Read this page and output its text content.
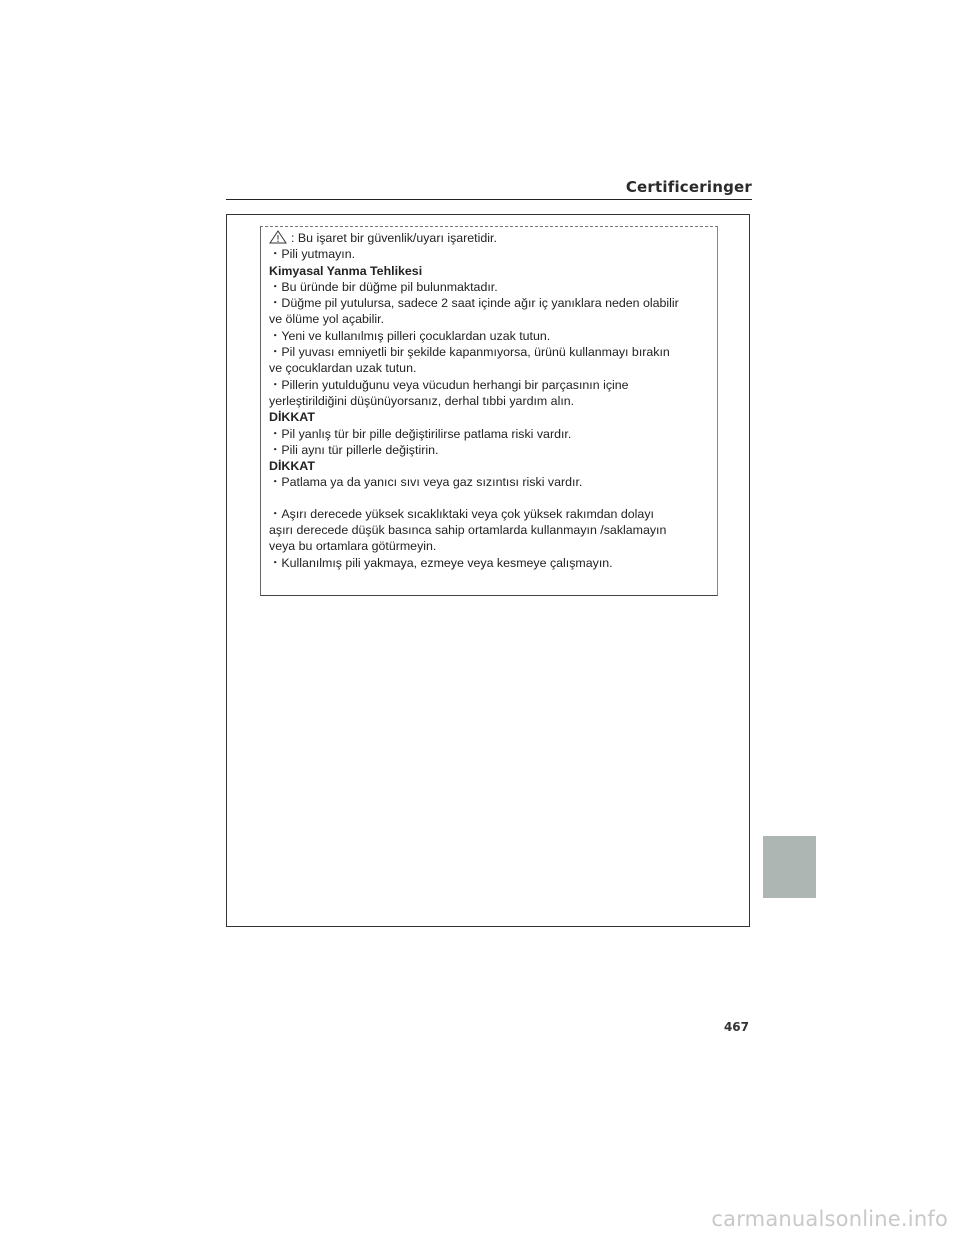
Certificeringer
: Bu işaret bir güvenlik/uyarı işaretidir.
・Pili yutmayın.
Kimyasal Yanma Tehlikesi
・Bu üründe bir düğme pil bulunmaktadır.
・Düğme pil yutulursa, sadece 2 saat içinde ağır iç yanıklara neden olabilir
ve ölüme yol açabilir.
・Yeni ve kullanılmış pilleri çocuklardan uzak tutun.
・Pil yuvası emniyetli bir şekilde kapanmıyorsa, ürünü kullanmayı bırakın
ve çocuklardan uzak tutun.
・Pillerin yutulduğunu veya vücudun herhangi bir parçasının içine
yerleştirildiğini düşünüyorsanız, derhal tıbbi yardım alın.
DİKKAT
・Pil yanlış tür bir pille değiştirilirse patlama riski vardır.
・Pili aynı tür pillerle değiştirin.
DİKKAT
・Patlama ya da yanıcı sıvı veya gaz sızıntısı riski vardır.
・Aşırı derecede yüksek sıcaklıktaki veya çok yüksek rakımdan dolayı
aşırı derecede düşük basınca sahip ortamlarda kullanmayın /saklamayın
veya bu ortamlara götürmeyin.
・Kullanılmış pili yakmaya, ezmeye veya kesmeye çalışmayın.
467
carmanualsonline.info
